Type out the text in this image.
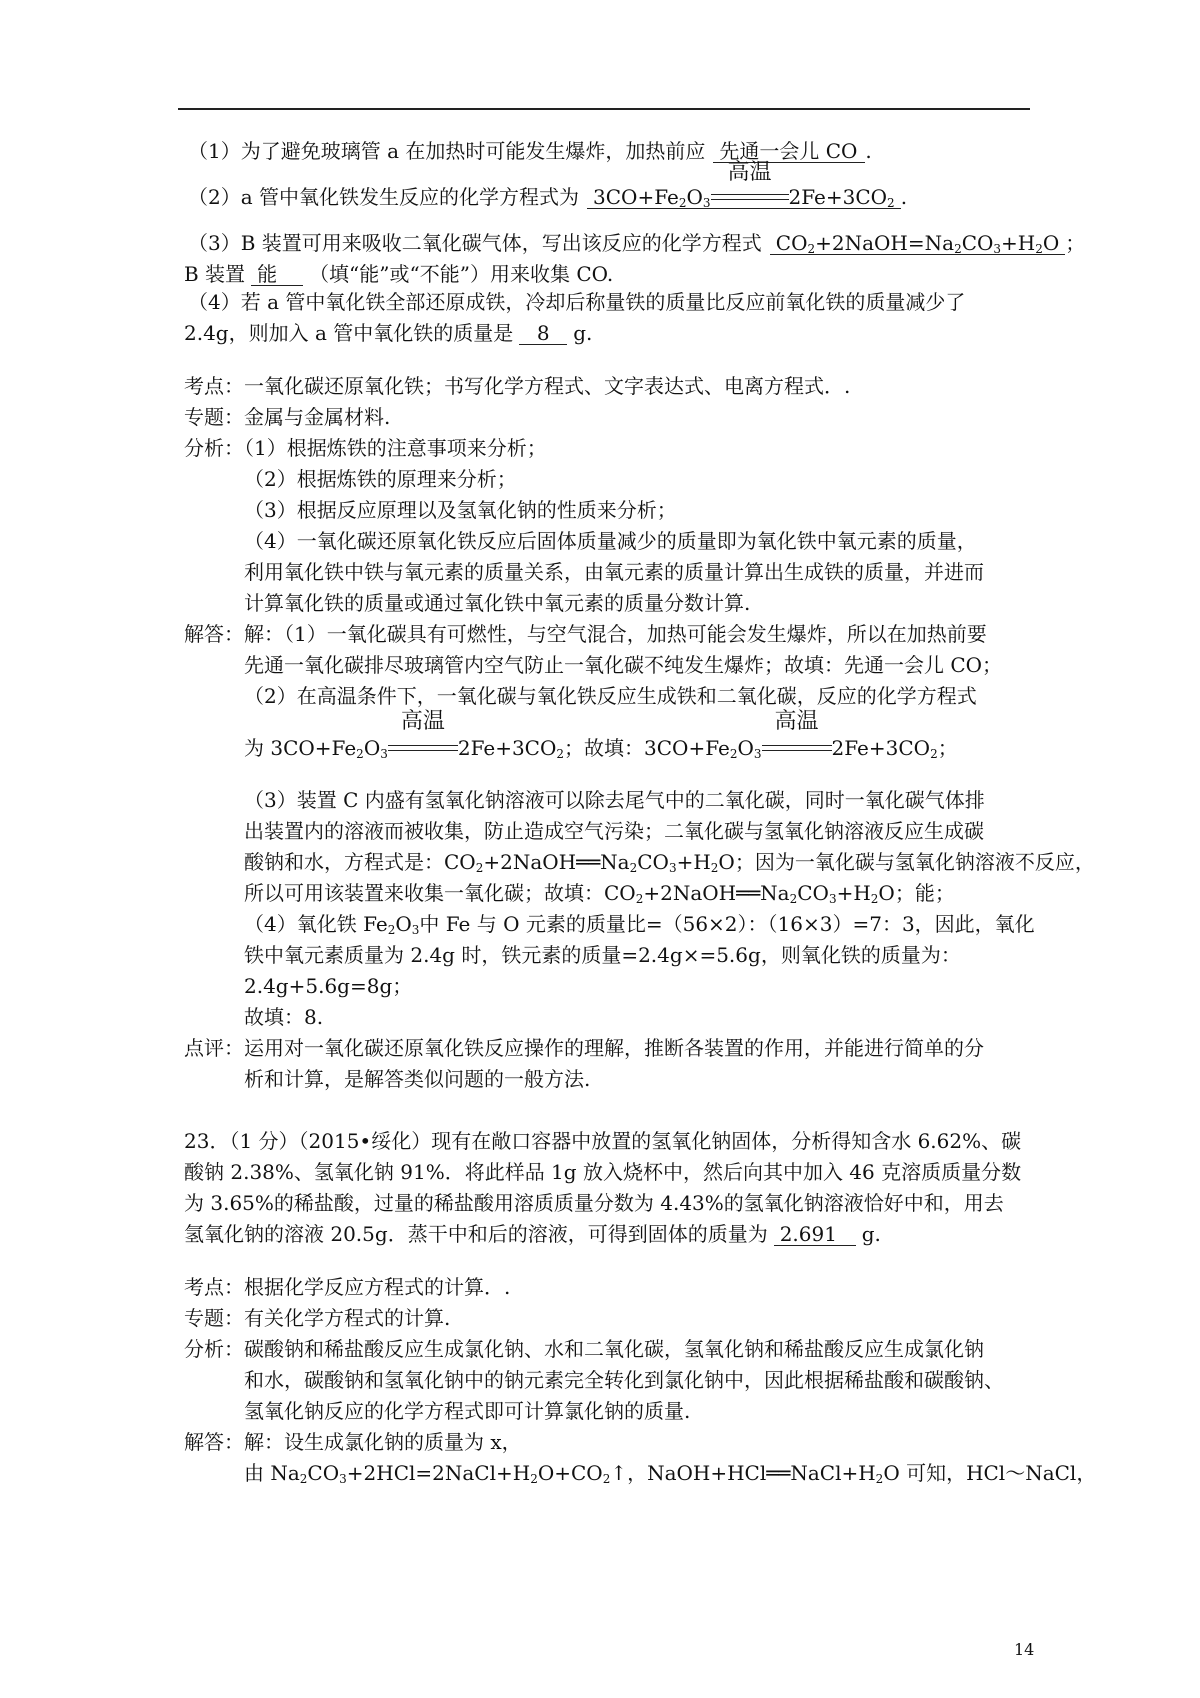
（1）为了避免玻璃管 a 在加热时可能发生爆炸，加热前应 先通一会儿 CO .
（2）a 管中氧化铁发生反应的化学方程式为 $3CO+Fe_2O_3$
高温
$2Fe+3CO_2$ .
（3）B 装置可用来吸收二氧化碳气体，写出该反应的化学方程式 $CO_2+2NaOH=Na_2CO_3+H_2O$ ；
B 装置 能 （填“能”或“不能”）用来收集 CO.
（4）若 a 管中氧化铁全部还原成铁，冷却后称量铁的质量比反应前氧化铁的质量减少了
2.4g，则加入 a 管中氧化铁的质量是 8 g.
考点：一氧化碳还原氧化铁；书写化学方程式、文字表达式、电离方程式．.
专题：金属与金属材料.
分析：（1）根据炼铁的注意事项来分析；
（2）根据炼铁的原理来分析；
（3）根据反应原理以及氢氧化钠的性质来分析；
（4）一氧化碳还原氧化铁反应后固体质量减少的质量即为氧化铁中氧元素的质量，
利用氧化铁中铁与氧元素的质量关系，由氧元素的质量计算出生成铁的质量，并进而
计算氧化铁的质量或通过氧化铁中氧元素的质量分数计算.
解答：解：（1）一氧化碳具有可燃性，与空气混合，加热可能会发生爆炸，所以在加热前要
先通一氧化碳排尽玻璃管内空气防止一氧化碳不纯发生爆炸；故填：先通一会儿 CO；
（2）在高温条件下，一氧化碳与氧化铁反应生成铁和二氧化碳，反应的化学方程式
为 $3CO+Fe_2O_3$
高温
$2Fe+3CO_2$；故填：$3CO+Fe_2O_3$
高温
$2Fe+3CO_2$；
（3）装置 C 内盛有氢氧化钠溶液可以除去尾气中的二氧化碳，同时一氧化碳气体排
出装置内的溶液而被收集，防止造成空气污染；二氧化碳与氢氧化钠溶液反应生成碳
酸钠和水，方程式是：$CO_2+2NaOH══Na_2CO_3+H_2O$；因为一氧化碳与氢氧化钠溶液不反应，
所以可用该装置来收集一氧化碳；故填：$CO_2+2NaOH══Na_2CO_3+H_2O$；能；
（4）氧化铁 $Fe_2O_3$中 Fe 与 O 元素的质量比=（56×2）：（16×3）=7：3，因此，氧化
铁中氧元素质量为 2.4g 时，铁元素的质量=2.4g×=5.6g，则氧化铁的质量为：
2.4g+5.6g=8g；
故填：8.
点评：运用对一氧化碳还原氧化铁反应操作的理解，推断各装置的作用，并能进行简单的分
析和计算，是解答类似问题的一般方法.
23．（1 分）（2015•绥化）现有在敞口容器中放置的氢氧化钠固体，分析得知含水 6.62%、碳
酸钠 2.38%、氢氧化钠 91%．将此样品 1g 放入烧杯中，然后向其中加入 46 克溶质质量分数
为 3.65%的稀盐酸，过量的稀盐酸用溶质质量分数为 4.43%的氢氧化钠溶液恰好中和，用去
氢氧化钠的溶液 20.5g．蒸干中和后的溶液，可得到固体的质量为 2.691 g.
考点：根据化学反应方程式的计算．.
专题：有关化学方程式的计算.
分析：碳酸钠和稀盐酸反应生成氯化钠、水和二氧化碳，氢氧化钠和稀盐酸反应生成氯化钠
和水，碳酸钠和氢氧化钠中的钠元素完全转化到氯化钠中，因此根据稀盐酸和碳酸钠、
氢氧化钠反应的化学方程式即可计算氯化钠的质量.
解答：解：设生成氯化钠的质量为 x，
由 $Na_2CO_3+2HCl=2NaCl+H_2O+CO_2↑$，$NaOH+HCl══NaCl+H_2O$ 可知，HCl～NaCl，
14
